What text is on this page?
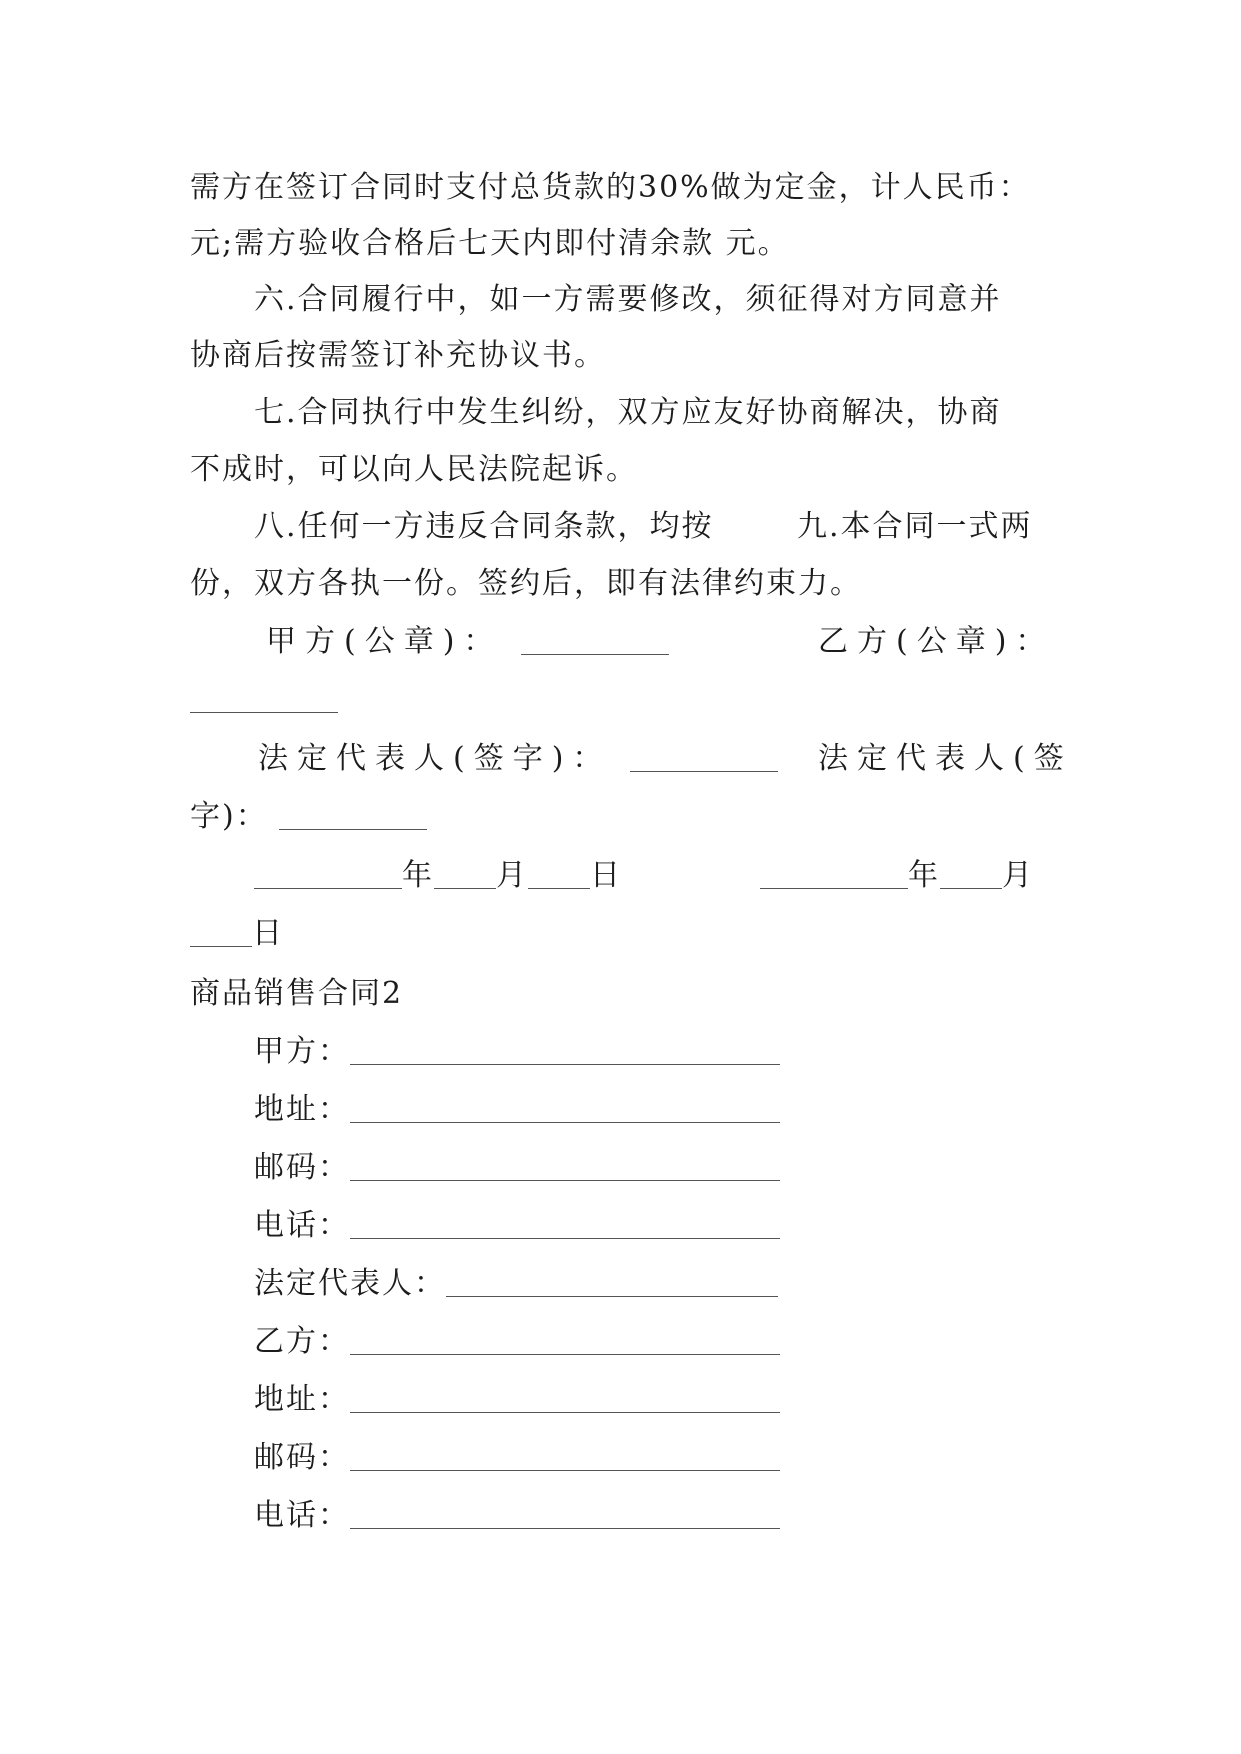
需方在签订合同时支付总货款的30%做为定金，计人民币：
元;需方验收合格后七天内即付清余款 元。
六.合同履行中，如一方需要修改，须征得对方同意并
协商后按需签订补充协议书。
七.合同执行中发生纠纷，双方应友好协商解决，协商
不成时，可以向人民法院起诉。
八.任何一方违反合同条款，均按	九.本合同一式两
份，双方各执一份。签约后，即有法律约束力。
甲方(公章)：	乙方(公章)：
法定代表人(签字)：	法定代表人(签
字)：
年 月 日	年 月
日
商品销售合同2
甲方：
地址：
邮码：
电话：
法定代表人：
乙方：
地址：
邮码：
电话：
